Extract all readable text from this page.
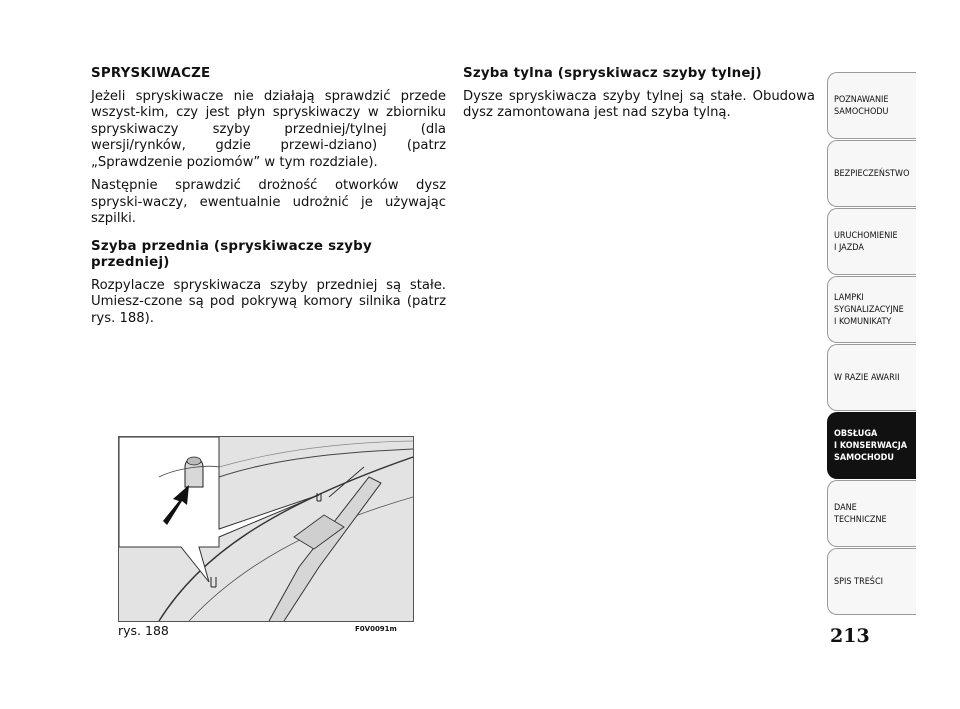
SPRYSKIWACZE

Jeżeli spryskiwacze nie działają sprawdzić przede wszyst-kim, czy jest płyn spryskiwaczy w zbiorniku spryskiwaczy szyby przedniej/tylnej (dla wersji/rynków, gdzie przewi-dziano) (patrz „Sprawdzenie poziomów” w tym rozdziale).

Następnie sprawdzić drożność otworków dysz spryski-waczy, ewentualnie udrożnić je używając szpilki.

Szyba przednia (spryskiwacze szyby przedniej)

Rozpylacze spryskiwacza szyby przedniej są stałe. Umiesz-czone są pod pokrywą komory silnika (patrz rys. 188).

Szyba tylna (spryskiwacz szyby tylnej)

Dysze spryskiwacza szyby tylnej są stałe. Obudowa dysz zamontowana jest nad szyba tylną.

rys. 188	F0V0091m	213
POZNAWANIE
SAMOCHODU
BEZPIECZEŃSTWO
URUCHOMIENIE
I JAZDA
LAMPKI
SYGNALIZACYJNE
I KOMUNIKATY
W RAZIE AWARII
OBSŁUGA
I KONSERWACJA
SAMOCHODU
DANE
TECHNICZNE
SPIS TREŚCI
